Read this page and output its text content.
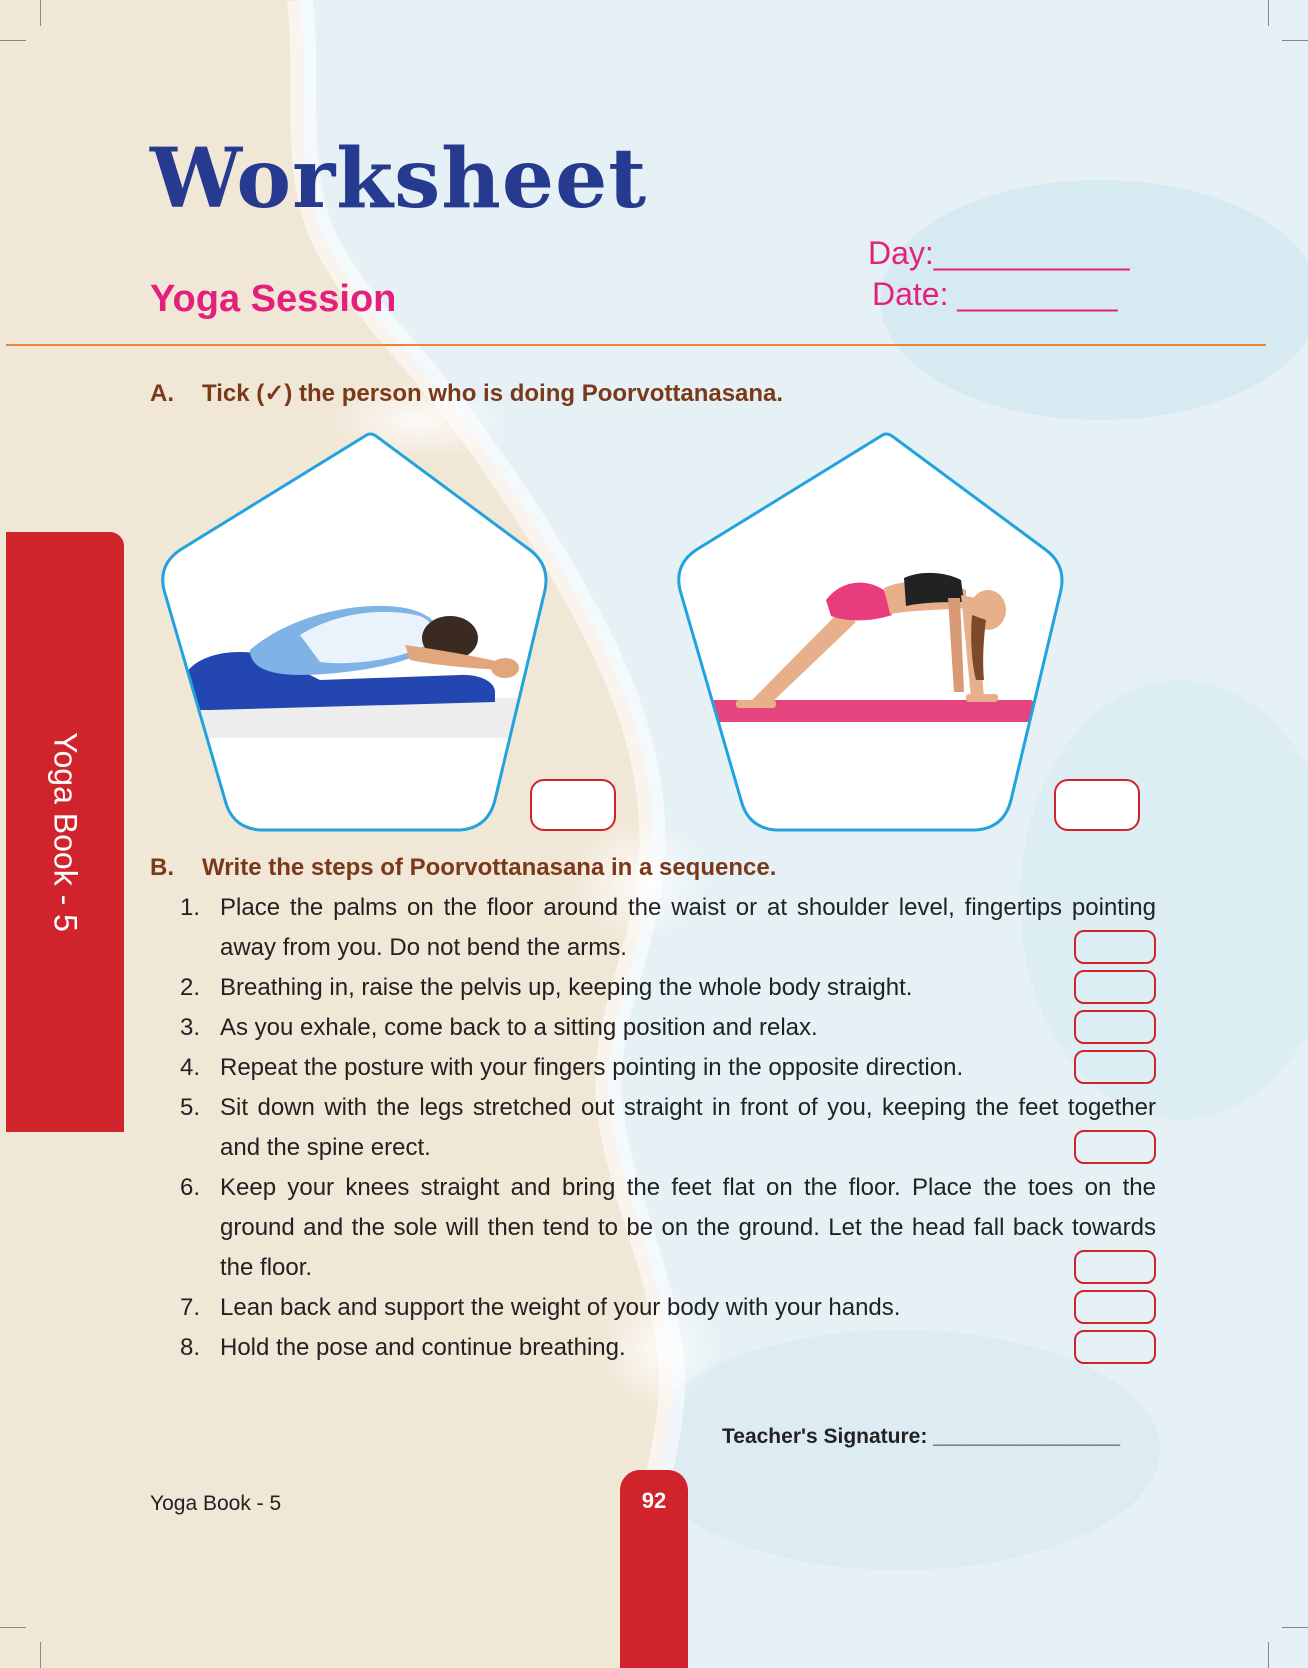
Worksheet
Yoga Session
Day:___________
Date: _________
Yoga Book - 5
A. Tick (✓) the person who is doing Poorvottanasana.
B. Write the steps of Poorvottanasana in a sequence.
1. Place the palms on the floor around the waist or at shoulder level, fingertips pointing away from you. Do not bend the arms.
2. Breathing in, raise the pelvis up, keeping the whole body straight.
3. As you exhale, come back to a sitting position and relax.
4. Repeat the posture with your fingers pointing in the opposite direction.
5. Sit down with the legs stretched out straight in front of you, keeping the feet together and the spine erect.
6. Keep your knees straight and bring the feet flat on the floor. Place the toes on the ground and the sole will then tend to be on the ground. Let the head fall back towards the floor.
7. Lean back and support the weight of your body with your hands.
8. Hold the pose and continue breathing.
Teacher's Signature: ________________
Yoga Book - 5	92
